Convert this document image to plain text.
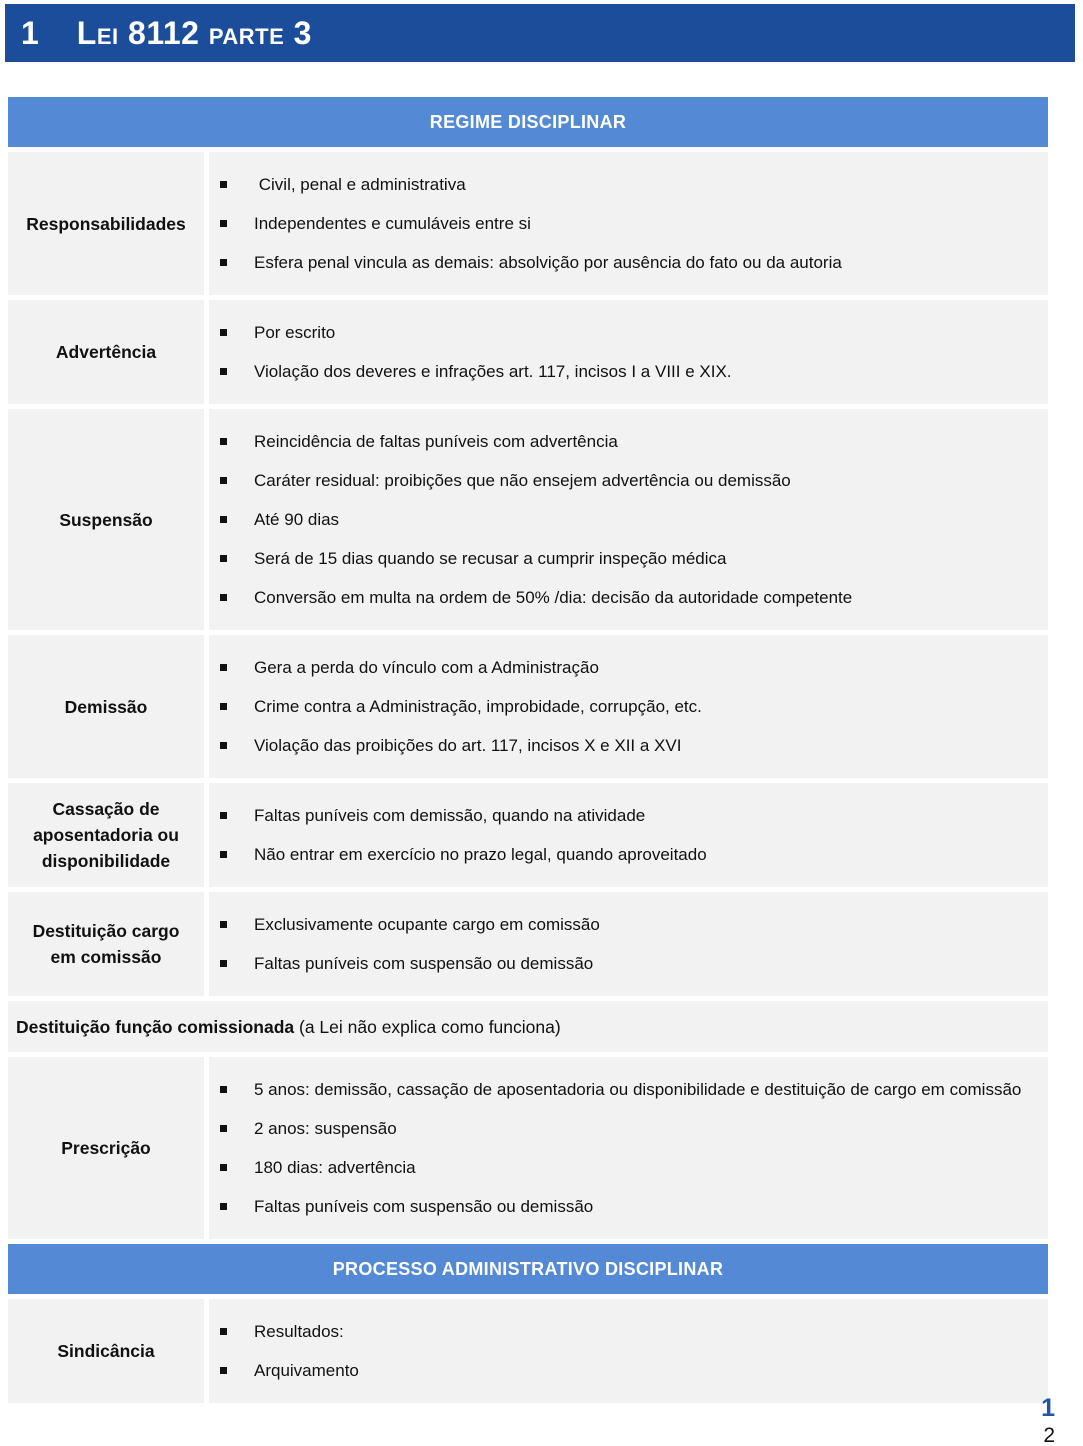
1 Lei 8112 parte 3
REGIME DISCIPLINAR
Responsabilidades
Civil, penal e administrativa
Independentes e cumuláveis entre si
Esfera penal vincula as demais: absolvição por ausência do fato ou da autoria
Advertência
Por escrito
Violação dos deveres e infrações art. 117, incisos I a VIII e XIX.
Suspensão
Reincidência de faltas puníveis com advertência
Caráter residual: proibições que não ensejem advertência ou demissão
Até 90 dias
Será de 15 dias quando se recusar a cumprir inspeção médica
Conversão em multa na ordem de 50% /dia: decisão da autoridade competente
Demissão
Gera a perda do vínculo com a Administração
Crime contra a Administração, improbidade, corrupção, etc.
Violação das proibições do art. 117, incisos X e XII a XVI
Cassação de aposentadoria ou disponibilidade
Faltas puníveis com demissão, quando na atividade
Não entrar em exercício no prazo legal, quando aproveitado
Destituição cargo em comissão
Exclusivamente ocupante cargo em comissão
Faltas puníveis com suspensão ou demissão
Destituição função comissionada (a Lei não explica como funciona)
Prescrição
5 anos: demissão, cassação de aposentadoria ou disponibilidade e destituição de cargo em comissão
2 anos: suspensão
180 dias: advertência
Faltas puníveis com suspensão ou demissão
PROCESSO ADMINISTRATIVO DISCIPLINAR
Sindicância
Resultados:
Arquivamento
1
2
